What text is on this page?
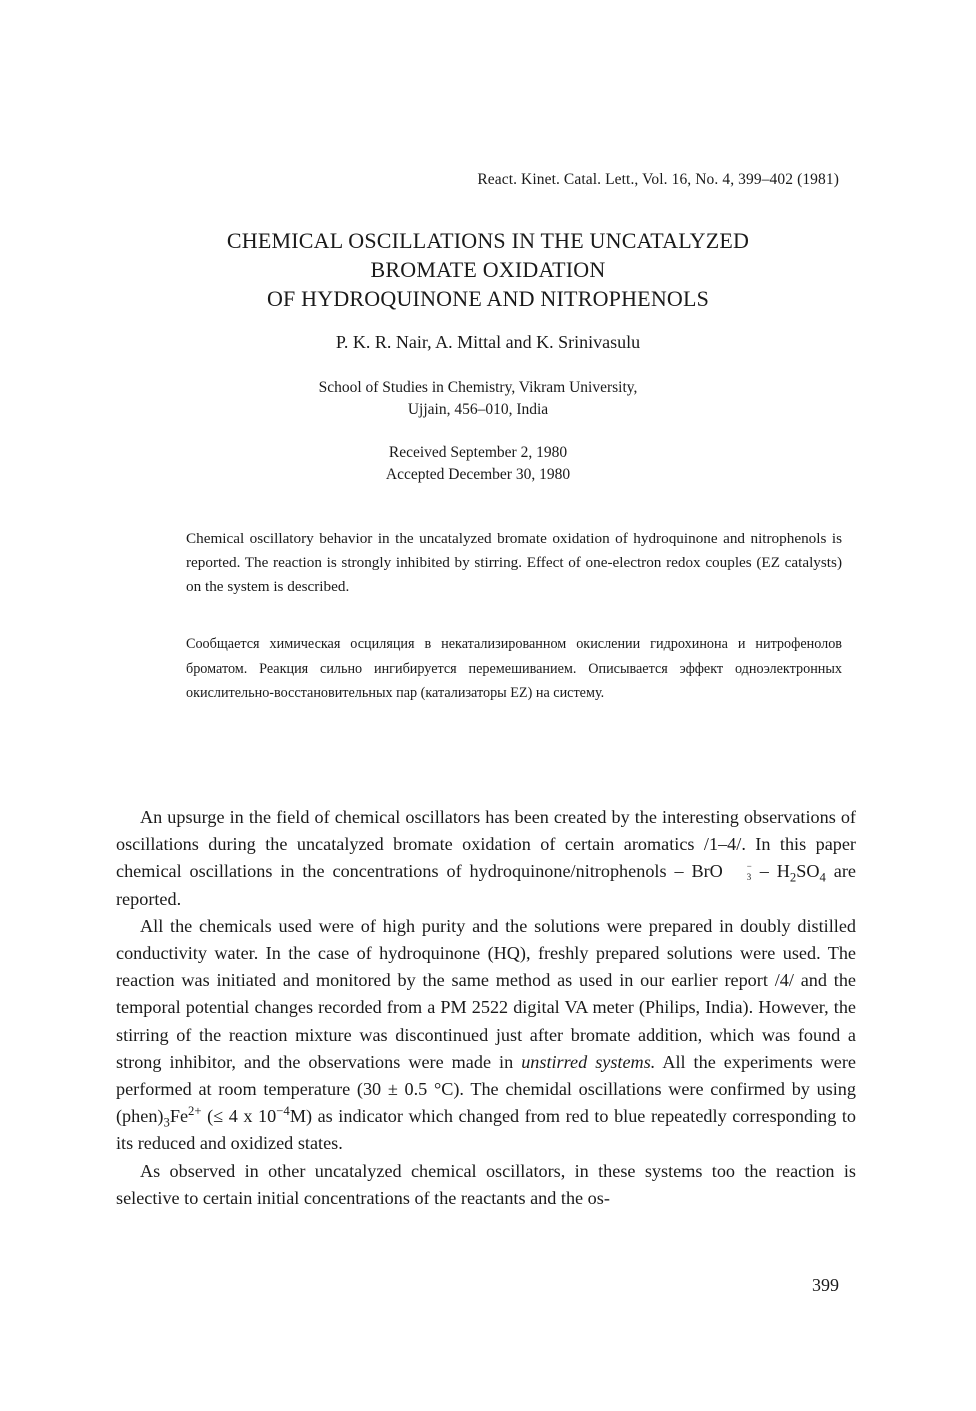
React. Kinet. Catal. Lett., Vol. 16, No. 4, 399–402 (1981)
CHEMICAL OSCILLATIONS IN THE UNCATALYZED
BROMATE OXIDATION
OF HYDROQUINONE AND NITROPHENOLS
P. K. R. Nair, A. Mittal and K. Srinivasulu
School of Studies in Chemistry, Vikram University,
Ujjain, 456–010, India
Received September 2, 1980
Accepted December 30, 1980
Chemical oscillatory behavior in the uncatalyzed bromate oxidation of hydroquinone and nitrophenols is reported. The reaction is strongly inhibited by stirring. Effect of one-electron redox couples (EZ catalysts) on the system is described.
Сообщается химическая осциляция в некатализированном окислении гидрохинона и нитрофенолов броматом. Реакция сильно ингибируется перемешиванием. Описывается эффект одноэлектронных окислительно-восстановительных пар (катализаторы EZ) на систему.

An upsurge in the field of chemical oscillators has been created by the interesting observations of oscillations during the uncatalyzed bromate oxidation of certain aromatics /1–4/. In this paper chemical oscillations in the concentrations of hydroquinone/nitrophenols – BrO	−
$3 - H_2SO_4$ are reported.

All the chemicals used were of high purity and the solutions were prepared in doubly distilled conductivity water. In the case of hydroquinone (HQ), freshly prepared solutions were used. The reaction was initiated and monitored by the same method as used in our earlier report /4/ and the temporal potential changes recorded from a PM 2522 digital VA meter (Philips, India). However, the stirring of the reaction mixture was discontinued just after bromate addition, which was found a strong inhibitor, and the observations were made in unstirred systems. All the experiments were performed at room temperature (30 ± 0.5 °C). The chemidal oscillations were confirmed by using $(phen)_3Fe^{2+}$ (≤ 4 x $10^{-4}M$) as indicator which changed from red to blue repeatedly corresponding to its reduced and oxidized states.

As observed in other uncatalyzed chemical oscillators, in these systems too the reaction is selective to certain initial concentrations of the reactants and the os-

399
